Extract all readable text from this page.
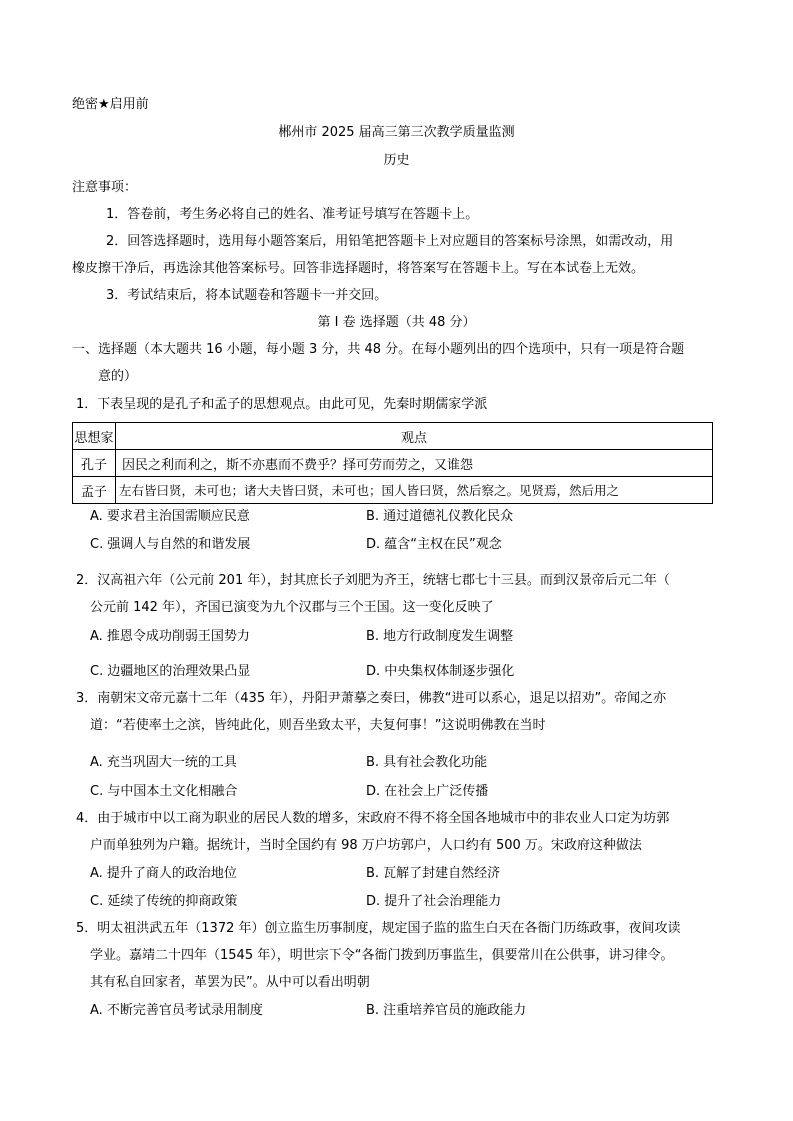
绝密★启用前
郴州市 2025 届高三第三次教学质量监测
历史
注意事项：
1．答卷前，考生务必将自己的姓名、准考证号填写在答题卡上。
2．回答选择题时，选用每小题答案后，用铅笔把答题卡上对应题目的答案标号涂黑，如需改动，用
橡皮擦干净后，再选涂其他答案标号。回答非选择题时，将答案写在答题卡上。写在本试卷上无效。
3．考试结束后，将本试题卷和答题卡一并交回。
第 I 卷 选择题（共 48 分）
一、选择题（本大题共 16 小题，每小题 3 分，共 48 分。在每小题列出的四个选项中，只有一项是符合题
意的）
1．下表呈现的是孔子和孟子的思想观点。由此可见，先秦时期儒家学派
思想家	观点
孔子	因民之利而利之，斯不亦惠而不费乎？择可劳而劳之，又谁怨
孟子	左右皆曰贤，未可也；诸大夫皆曰贤，未可也；国人皆曰贤，然后察之。见贤焉，然后用之
A. 要求君主治国需顺应民意	B. 通过道德礼仪教化民众
C. 强调人与自然的和谐发展	D. 蕴含“主权在民”观念
2．汉高祖六年（公元前 201 年），封其庶长子刘肥为齐王，统辖七郡七十三县。而到汉景帝后元二年（
公元前 142 年），齐国已演变为九个汉郡与三个王国。这一变化反映了
A. 推恩令成功削弱王国势力	B. 地方行政制度发生调整
C. 边疆地区的治理效果凸显	D. 中央集权体制逐步强化
3．南朝宋文帝元嘉十二年（435 年），丹阳尹萧摹之奏曰，佛教“进可以系心，退足以招劝”。帝闻之亦
道：“若使率土之滨，皆纯此化，则吾坐致太平，夫复何事！”这说明佛教在当时
A. 充当巩固大一统的工具	B. 具有社会教化功能
C. 与中国本土文化相融合	D. 在社会上广泛传播
4．由于城市中以工商为职业的居民人数的增多，宋政府不得不将全国各地城市中的非农业人口定为坊郭
户而单独列为户籍。据统计，当时全国约有 98 万户坊郭户，人口约有 500 万。宋政府这种做法
A. 提升了商人的政治地位	B. 瓦解了封建自然经济
C. 延续了传统的抑商政策	D. 提升了社会治理能力
5．明太祖洪武五年（1372 年）创立监生历事制度，规定国子监的监生白天在各衙门历练政事，夜间攻读
学业。嘉靖二十四年（1545 年），明世宗下令“各衙门拨到历事监生，俱要常川在公供事，讲习律令。
其有私自回家者，革罢为民”。从中可以看出明朝
A. 不断完善官员考试录用制度	B. 注重培养官员的施政能力
